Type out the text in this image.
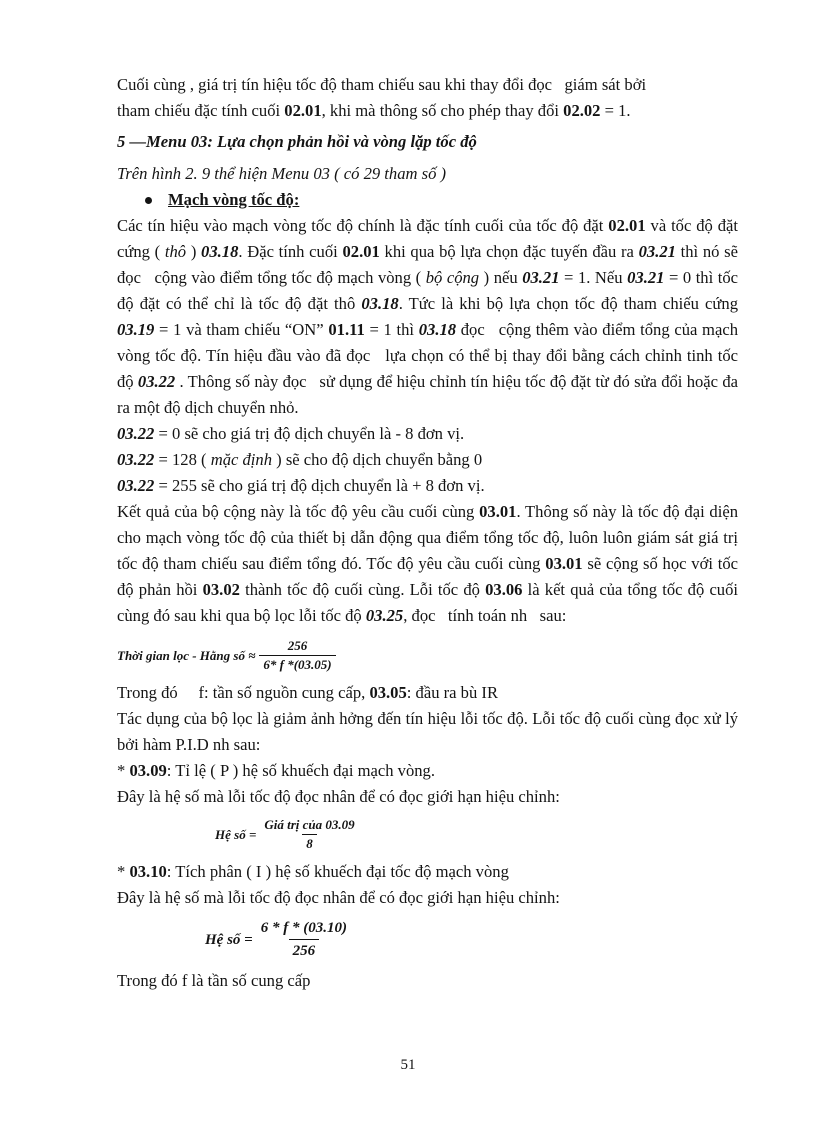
Cuối cùng , giá trị tín hiệu tốc độ tham chiếu sau khi thay đổi đọc   giám sát bởi
tham chiếu đặc tính cuối 02.01, khi mà thông số cho phép thay đổi 02.02 = 1.

5 —Menu 03: Lựa chọn phản hồi và vòng lặp tốc độ

Trên hình 2. 9 thể hiện Menu 03 ( có 29 tham số )

Mạch vòng tốc độ:

Các tín hiệu vào mạch vòng tốc độ chính là đặc tính cuối của tốc độ đặt 02.01 và tốc độ đặt cứng ( thô ) 03.18. Đặc tính cuối 02.01 khi qua bộ lựa chọn đặc tuyến đầu ra 03.21 thì nó sẽ đọc   cộng vào điểm tổng tốc độ mạch vòng ( bộ cộng ) nếu 03.21 = 1. Nếu 03.21 = 0 thì tốc độ đặt có thể chỉ là tốc độ đặt thô 03.18. Tức là khi bộ lựa chọn tốc độ tham chiếu cứng 03.19 = 1 và tham chiếu “ON” 01.11 = 1 thì 03.18 đọc   cộng thêm vào điểm tổng của mạch vòng tốc độ. Tín hiệu đầu vào đã đọc   lựa chọn có thể bị thay đổi bằng cách chỉnh tinh tốc độ 03.22 . Thông số này đọc   sử dụng để hiệu chỉnh tín hiệu tốc độ đặt từ đó sửa đổi hoặc đa   ra một độ dịch chuyển nhỏ.

03.22 = 0 sẽ cho giá trị độ dịch chuyển là - 8 đơn vị.

03.22 = 128 ( mặc định ) sẽ cho độ dịch chuyển bằng 0

03.22 = 255 sẽ cho giá trị độ dịch chuyển là + 8 đơn vị.

Kết quả của bộ cộng này là tốc độ yêu cầu cuối cùng 03.01. Thông số này là tốc độ đại diện cho mạch vòng tốc độ của thiết bị dẫn động qua điểm tổng tốc độ, luôn luôn giám sát giá trị tốc độ tham chiếu sau điểm tổng đó. Tốc độ yêu cầu cuối cùng 03.01 sẽ cộng số học với tốc độ phản hồi 03.02 thành tốc độ cuối cùng. Lỗi tốc độ 03.06 là kết quả của tổng tốc độ cuối cùng đó sau khi qua bộ lọc lỗi tốc độ 03.25, đọc   tính toán nh   sau:

Thời gian lọc - Hằng số ≈ $\frac{256}{6* f *(03.05)}$

Trong đó     f: tần số nguồn cung cấp, 03.05: đầu ra bù IR

Tác dụng của bộ lọc là giảm ảnh hởng đến tín hiệu lỗi tốc độ. Lỗi tốc độ cuối cùng đọc xử lý bởi hàm P.I.D nh sau:

* 03.09: Tỉ lệ ( P ) hệ số khuếch đại mạch vòng.

Đây là hệ số mà lỗi tốc độ đọc nhân để có đọc giới hạn hiệu chỉnh:

Hệ số = $\frac{\text{Giá trị của 03.09}}{8}$

* 03.10: Tích phân ( I ) hệ số khuếch đại tốc độ mạch vòng

Đây là hệ số mà lỗi tốc độ đọc nhân để có đọc giới hạn hiệu chỉnh:

Hệ số = $\frac{6 * f * (03.10)}{256}$

Trong đó f là tần số cung cấp

51
